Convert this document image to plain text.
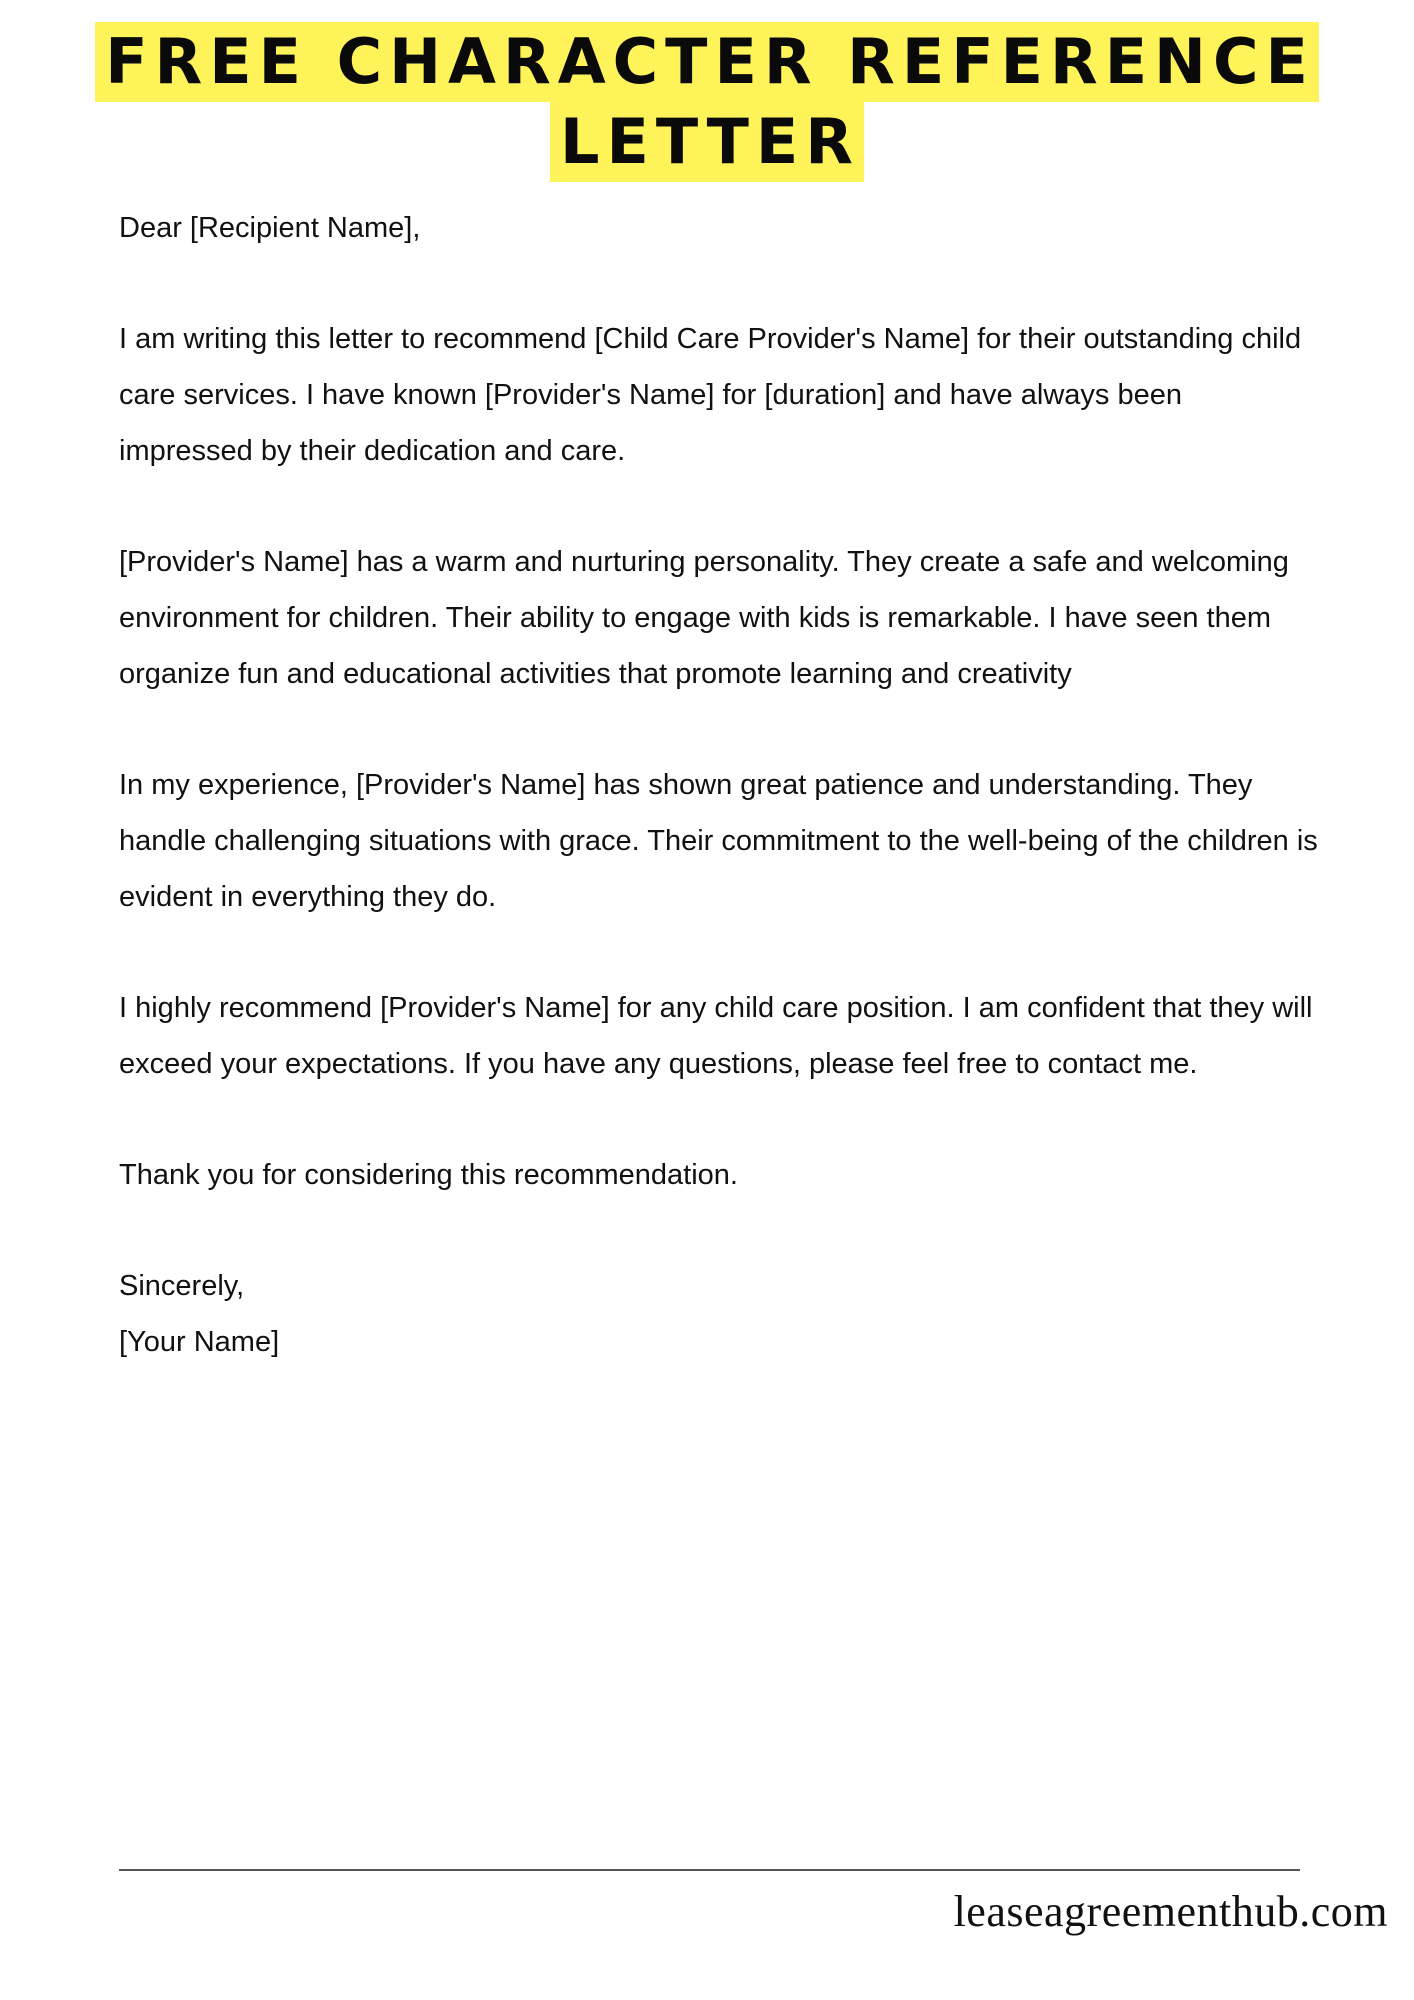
FREE CHARACTER REFERENCE
LETTER

Dear [Recipient Name],

I am writing this letter to recommend [Child Care Provider's Name] for their outstanding child care services. I have known [Provider's Name] for [duration] and have always been impressed by their dedication and care.

[Provider's Name] has a warm and nurturing personality. They create a safe and welcoming environment for children. Their ability to engage with kids is remarkable. I have seen them organize fun and educational activities that promote learning and creativity

In my experience, [Provider's Name] has shown great patience and understanding. They handle challenging situations with grace. Their commitment to the well-being of the children is evident in everything they do.

I highly recommend [Provider's Name] for any child care position. I am confident that they will exceed your expectations. If you have any questions, please feel free to contact me.

Thank you for considering this recommendation.

Sincerely,

[Your Name]

leaseagreementhub.com
